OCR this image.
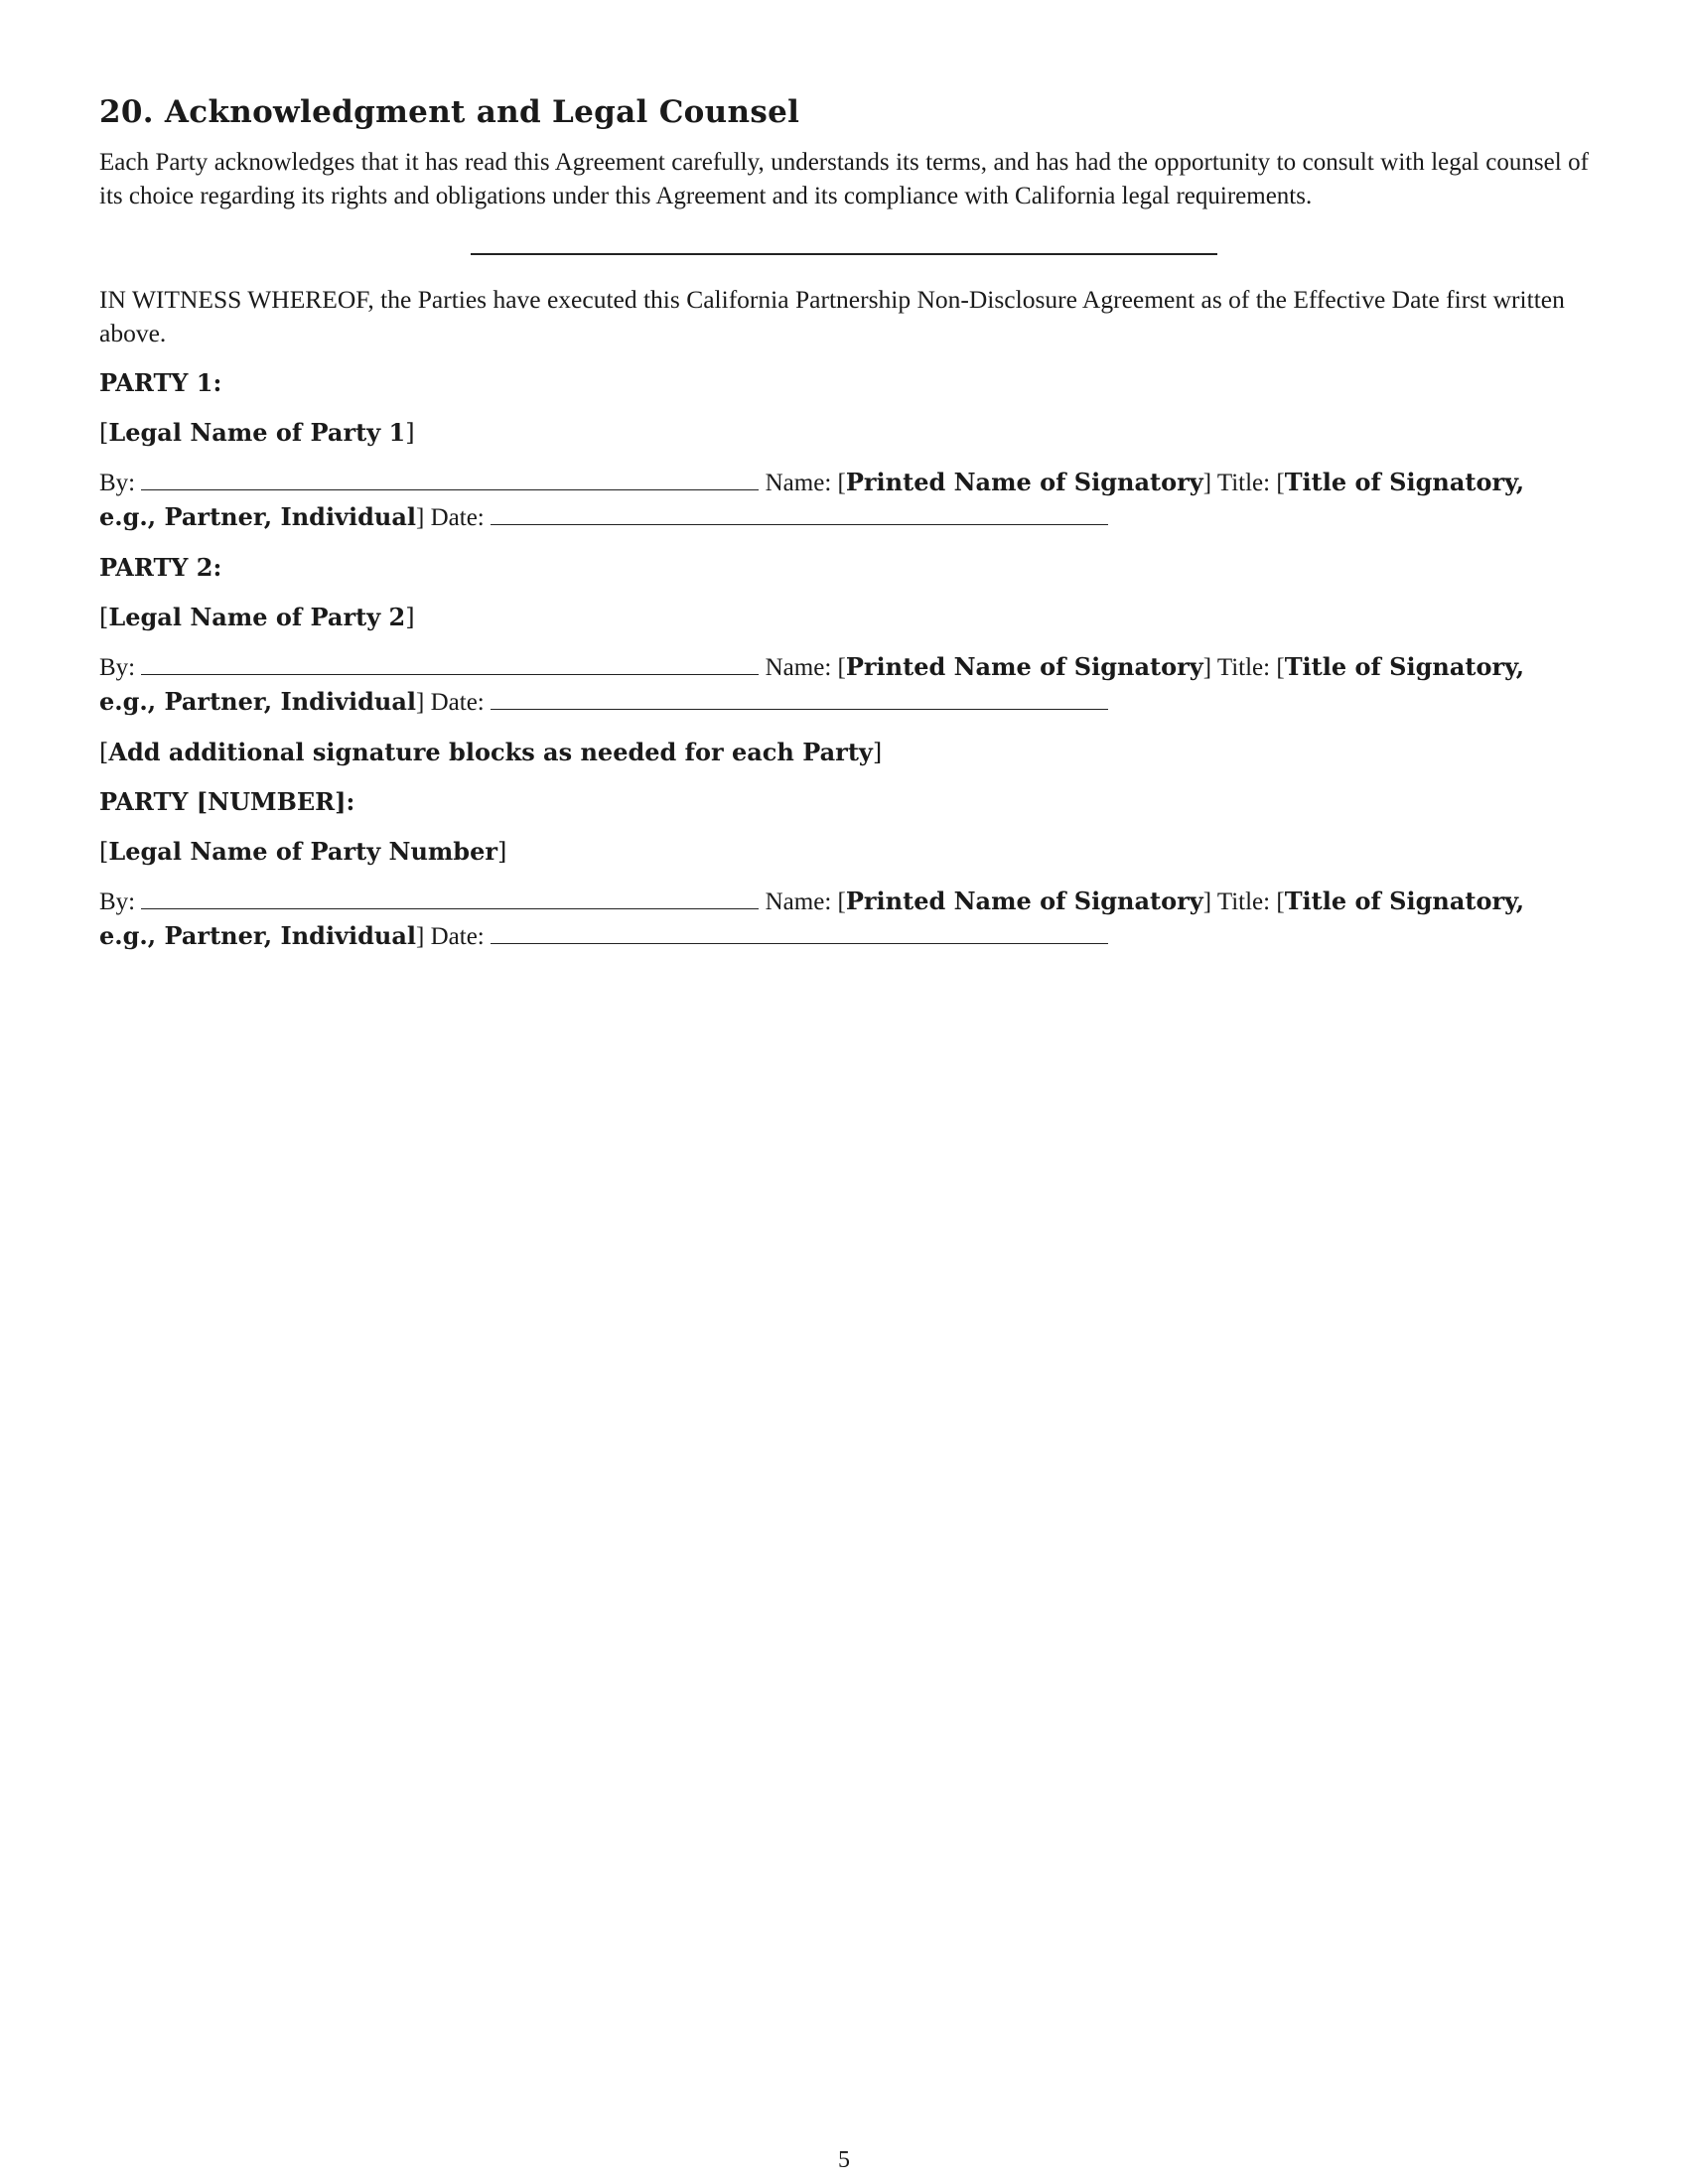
20. Acknowledgment and Legal Counsel

Each Party acknowledges that it has read this Agreement carefully, understands its terms, and has had the opportunity to consult with legal counsel of its choice regarding its rights and obligations under this Agreement and its compliance with California legal requirements.

IN WITNESS WHEREOF, the Parties have executed this California Partnership Non-Disclosure Agreement as of the Effective Date first written above.

PARTY 1:
[Legal Name of Party 1]
By:	Name: [Printed Name of Signatory] Title: [Title of Signatory, e.g., Partner, Individual] Date:
PARTY 2:
[Legal Name of Party 2]
By:	Name: [Printed Name of Signatory] Title: [Title of Signatory, e.g., Partner, Individual] Date:
[Add additional signature blocks as needed for each Party]
PARTY [NUMBER]:
[Legal Name of Party Number]
By:	Name: [Printed Name of Signatory] Title: [Title of Signatory, e.g., Partner, Individual] Date:
5
